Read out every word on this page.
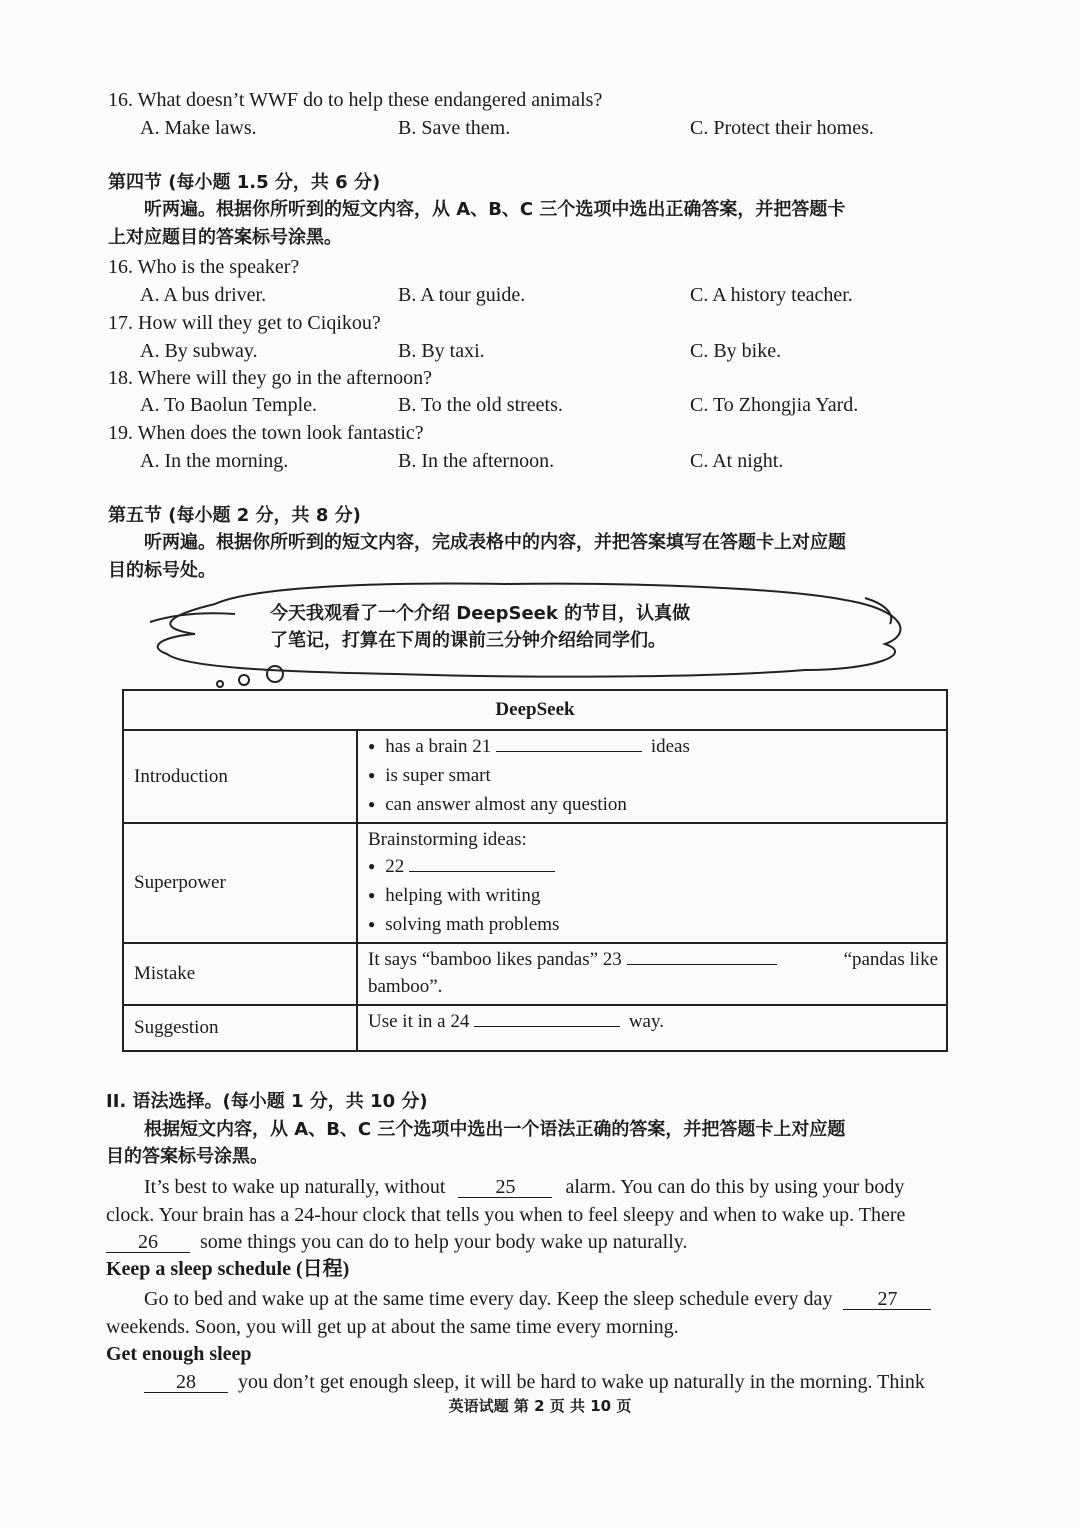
16. What doesn’t WWF do to help these endangered animals?
A. Make laws.	B. Save them.	C. Protect their homes.
第四节 (每小题 1.5 分，共 6 分)
听两遍。根据你所听到的短文内容，从 A、B、C 三个选项中选出正确答案，并把答题卡
上对应题目的答案标号涂黑。
16. Who is the speaker?
A. A bus driver.	B. A tour guide.	C. A history teacher.
17. How will they get to Ciqikou?
A. By subway.	B. By taxi.	C. By bike.
18. Where will they go in the afternoon?
A. To Baolun Temple.	B. To the old streets.	C. To Zhongjia Yard.
19. When does the town look fantastic?
A. In the morning.	B. In the afternoon.	C. At night.
第五节 (每小题 2 分，共 8 分)
听两遍。根据你所听到的短文内容，完成表格中的内容，并把答案填写在答题卡上对应题
目的标号处。
今天我观看了一个介绍 DeepSeek 的节目，认真做
了笔记，打算在下周的课前三分钟介绍给同学们。
DeepSeek	
Introduction	● has a brain 21 ideas
● is super smart
● can answer almost any question

Superpower	Brainstorming ideas:
● 22
● helping with writing
● solving math problems

Mistake	It says “bamboo likes pandas” 23 “pandas like
bamboo”.

Suggestion	Use it in a 24 way.
II. 语法选择。(每小题 1 分，共 10 分)
根据短文内容，从 A、B、C 三个选项中选出一个语法正确的答案，并把答题卡上对应题
目的答案标号涂黑。
It’s best to wake up naturally, without	25	alarm. You can do this by using your body
clock. Your brain has a 24-hour clock that tells you when to feel sleepy and when to wake up. There
26 some things you can do to help your body wake up naturally.
Keep a sleep schedule (日程)
Go to bed and wake up at the same time every day. Keep the sleep schedule every day 27
weekends. Soon, you will get up at about the same time every morning.
Get enough sleep
28 you don’t get enough sleep, it will be hard to wake up naturally in the morning. Think
英语试题 第 2 页 共 10 页
